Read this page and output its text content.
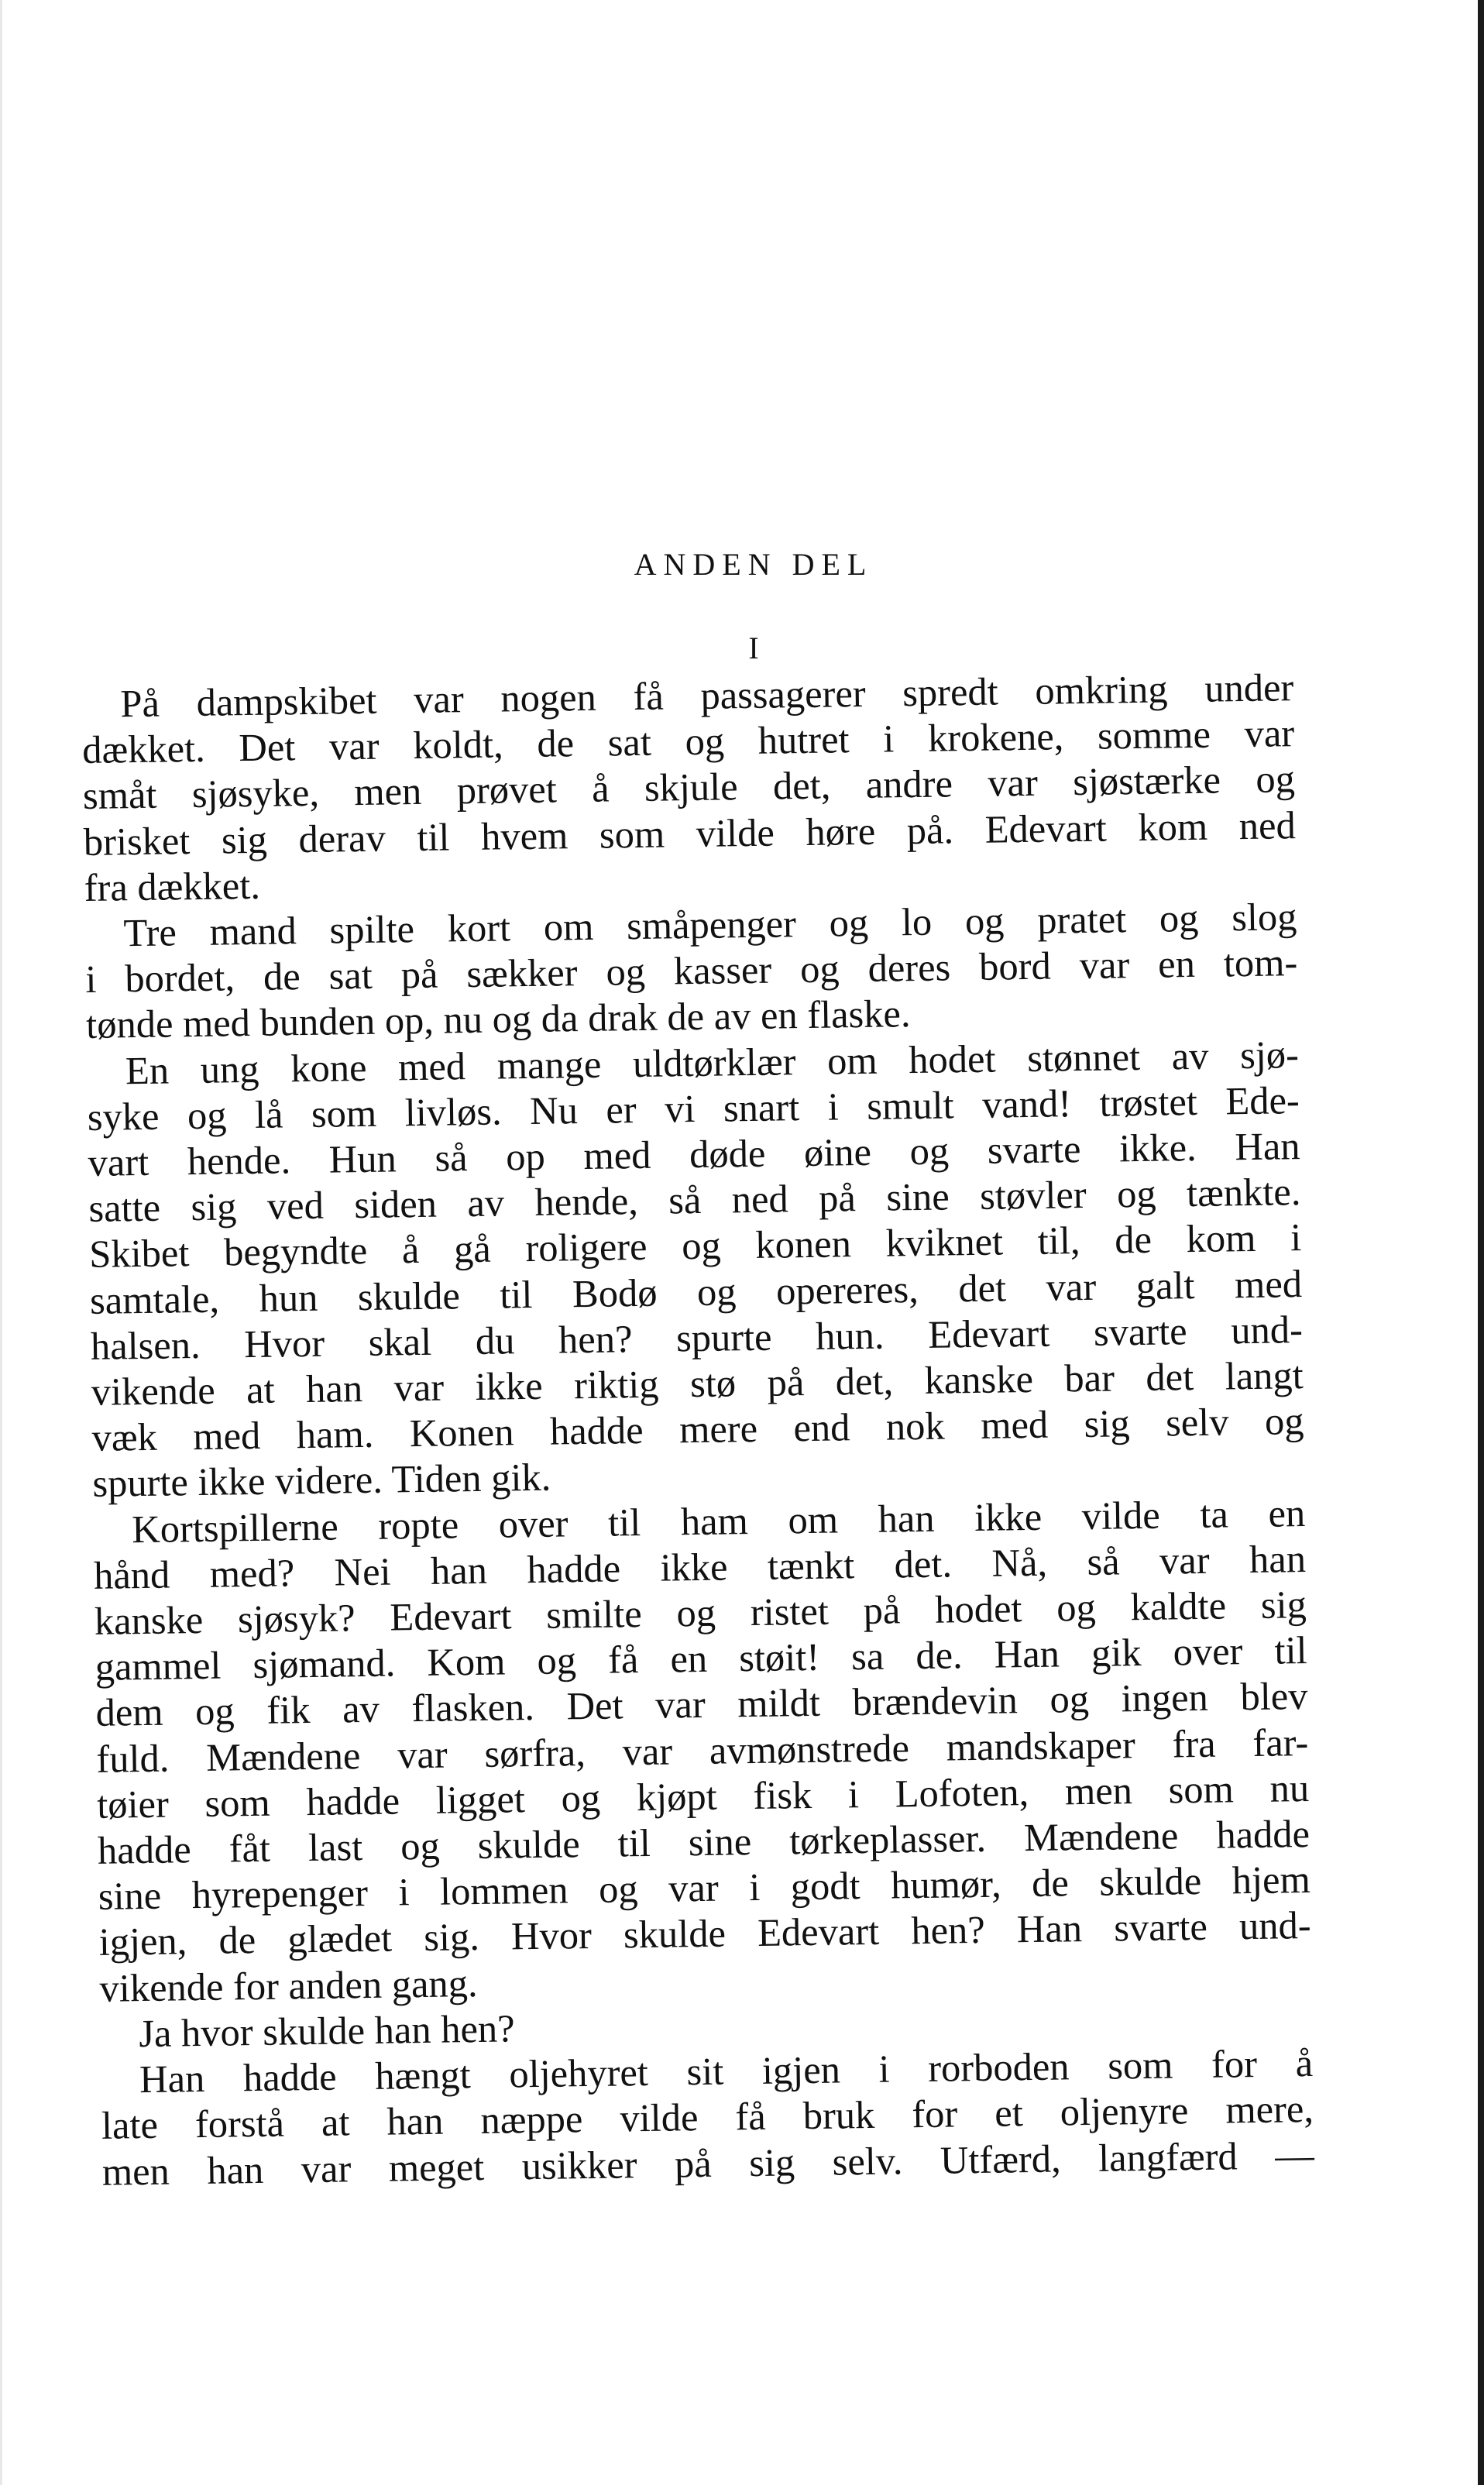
ANDEN DEL
I
På dampskibet var nogen få passagerer spredt omkring under
dækket. Det var koldt, de sat og hutret i krokene, somme var
småt sjøsyke, men prøvet å skjule det, andre var sjøstærke og
brisket sig derav til hvem som vilde høre på. Edevart kom ned
fra dækket.
Tre mand spilte kort om småpenger og lo og pratet og slog
i bordet, de sat på sækker og kasser og deres bord var en tom-
tønde med bunden op, nu og da drak de av en flaske.
En ung kone med mange uldtørklær om hodet stønnet av sjø-
syke og lå som livløs. Nu er vi snart i smult vand! trøstet Ede-
vart hende. Hun så op med døde øine og svarte ikke. Han
satte sig ved siden av hende, så ned på sine støvler og tænkte.
Skibet begyndte å gå roligere og konen kviknet til, de kom i
samtale, hun skulde til Bodø og opereres, det var galt med
halsen. Hvor skal du hen? spurte hun. Edevart svarte und-
vikende at han var ikke riktig stø på det, kanske bar det langt
væk med ham. Konen hadde mere end nok med sig selv og
spurte ikke videre. Tiden gik.
Kortspillerne ropte over til ham om han ikke vilde ta en
hånd med? Nei han hadde ikke tænkt det. Nå, så var han
kanske sjøsyk? Edevart smilte og ristet på hodet og kaldte sig
gammel sjømand. Kom og få en støit! sa de. Han gik over til
dem og fik av flasken. Det var mildt brændevin og ingen blev
fuld. Mændene var sørfra, var avmønstrede mandskaper fra far-
tøier som hadde ligget og kjøpt fisk i Lofoten, men som nu
hadde fåt last og skulde til sine tørkeplasser. Mændene hadde
sine hyrepenger i lommen og var i godt humør, de skulde hjem
igjen, de glædet sig. Hvor skulde Edevart hen? Han svarte und-
vikende for anden gang.
Ja hvor skulde han hen?
Han hadde hængt oljehyret sit igjen i rorboden som for å
late forstå at han næppe vilde få bruk for et oljenyre mere,
men han var meget usikker på sig selv. Utfærd, langfærd —
